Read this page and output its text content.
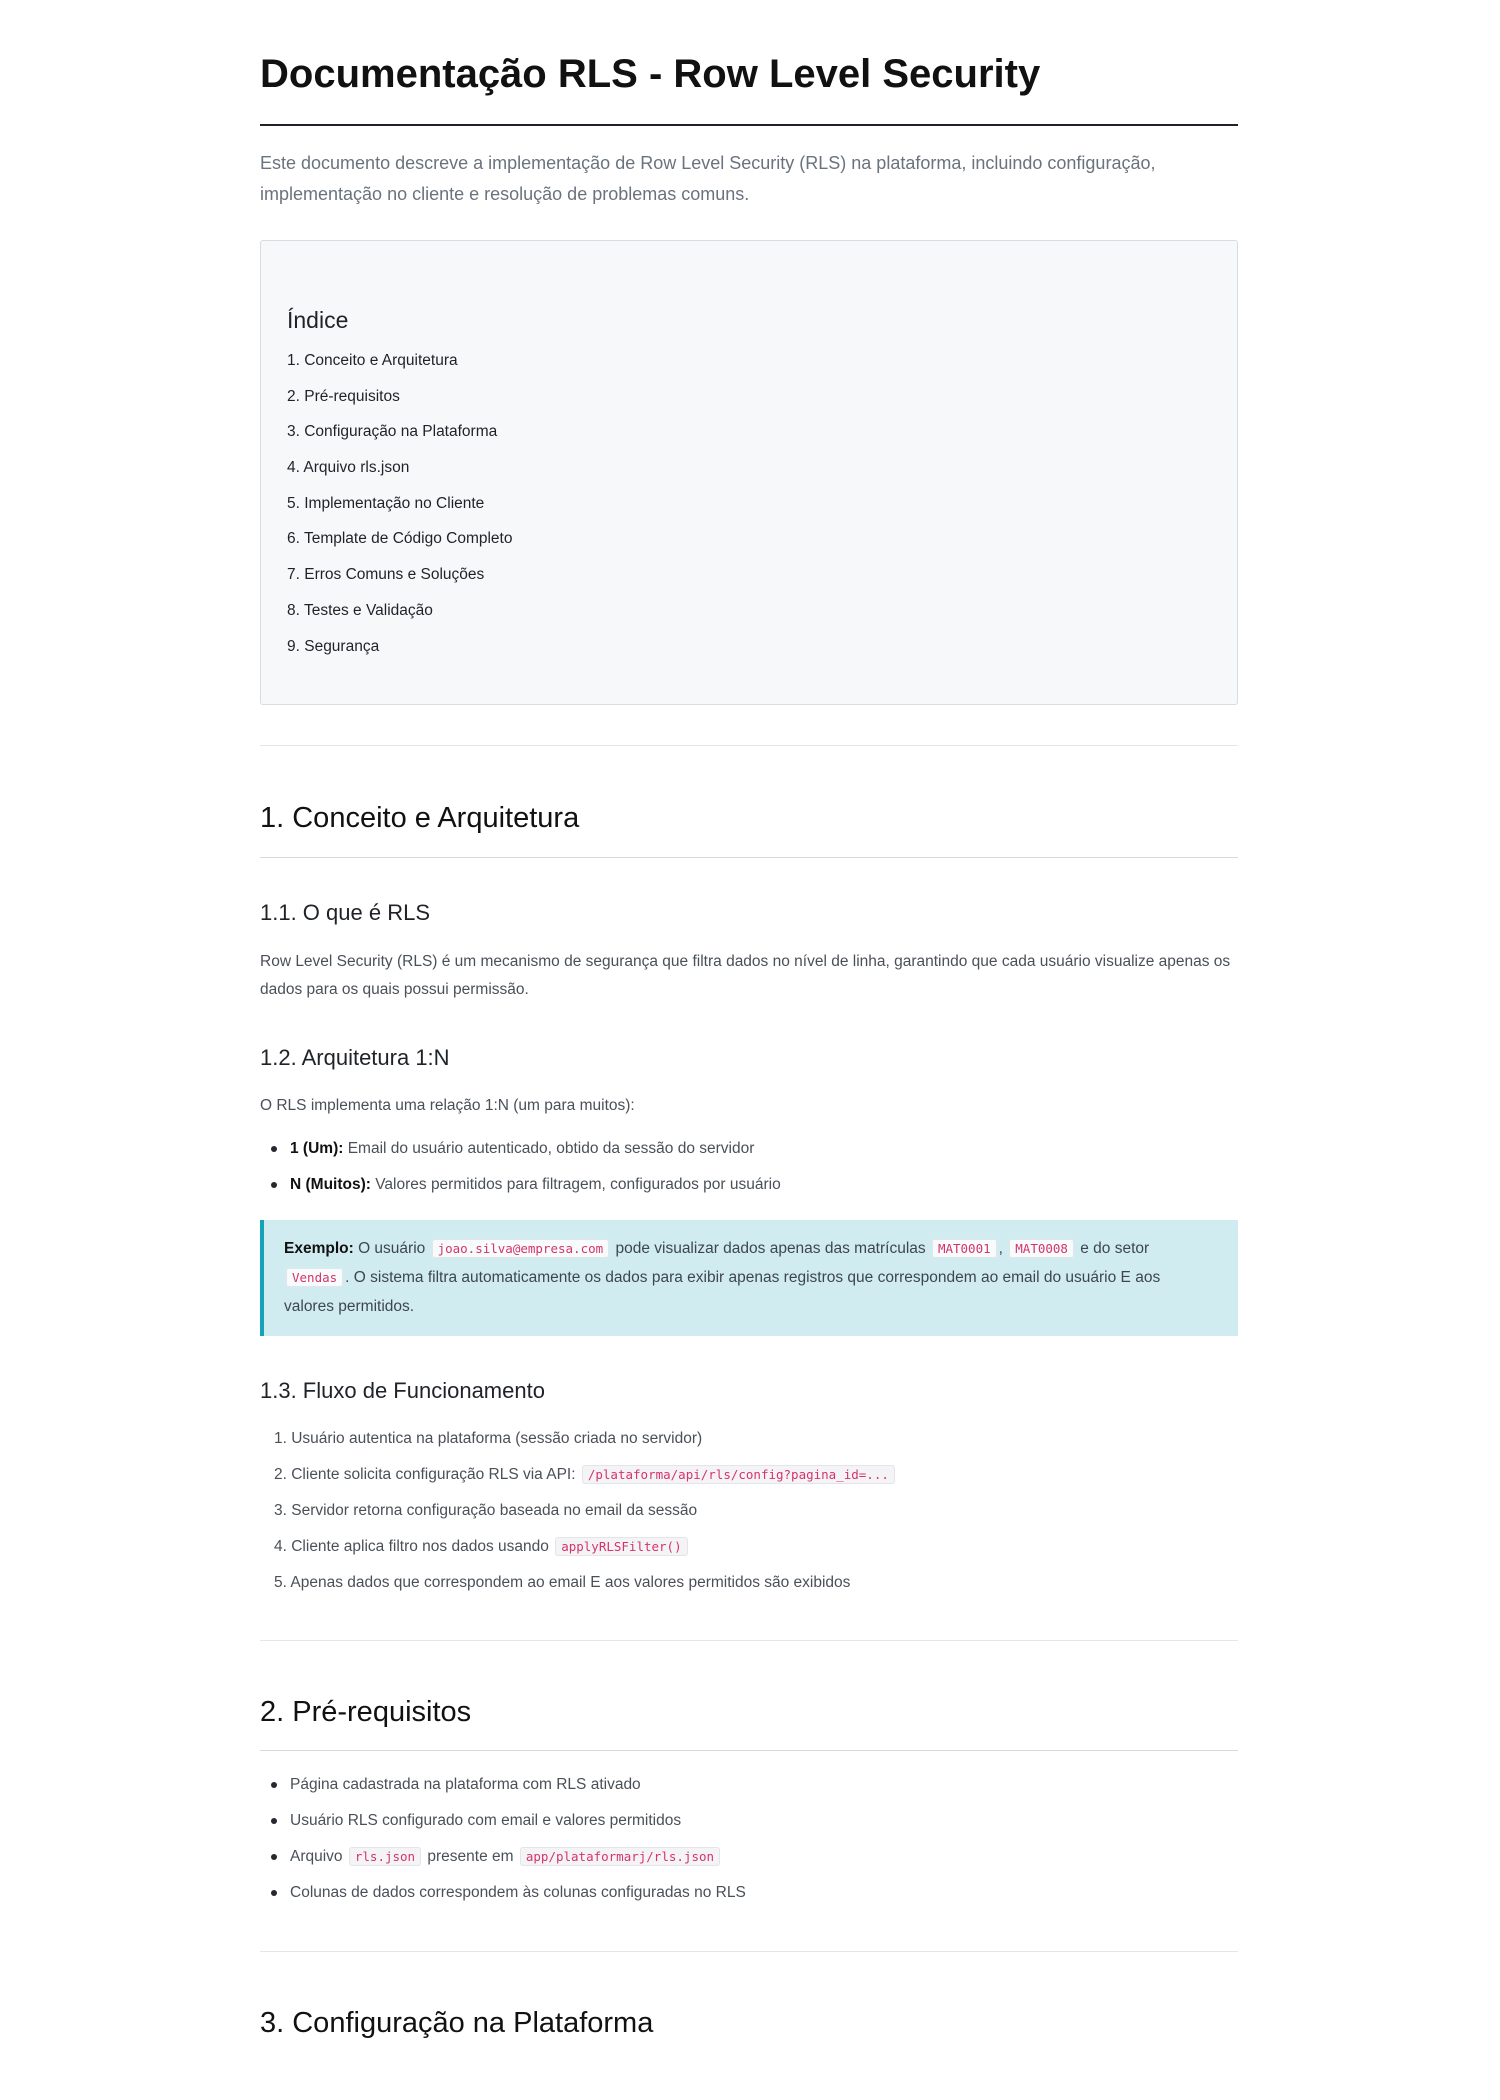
Documentação RLS - Row Level Security

Este documento descreve a implementação de Row Level Security (RLS) na plataforma, incluindo configuração, implementação no cliente e resolução de problemas comuns.

Índice
1. Conceito e Arquitetura
2. Pré-requisitos
3. Configuração na Plataforma
4. Arquivo rls.json
5. Implementação no Cliente
6. Template de Código Completo
7. Erros Comuns e Soluções
8. Testes e Validação
9. Segurança
1. Conceito e Arquitetura
1.1. O que é RLS

Row Level Security (RLS) é um mecanismo de segurança que filtra dados no nível de linha, garantindo que cada usuário visualize apenas os dados para os quais possui permissão.

1.2. Arquitetura 1:N

O RLS implementa uma relação 1:N (um para muitos):

1 (Um): Email do usuário autenticado, obtido da sessão do servidor
N (Muitos): Valores permitidos para filtragem, configurados por usuário

Exemplo: O usuário joao.silva@empresa.com pode visualizar dados apenas das matrículas MAT0001 , MAT0008 e do setor Vendas . O sistema filtra automaticamente os dados para exibir apenas registros que correspondem ao email do usuário E aos valores permitidos.

1.3. Fluxo de Funcionamento
1. Usuário autentica na plataforma (sessão criada no servidor)
2. Cliente solicita configuração RLS via API: /plataforma/api/rls/config?pagina_id=...
3. Servidor retorna configuração baseada no email da sessão
4. Cliente aplica filtro nos dados usando applyRLSFilter()
5. Apenas dados que correspondem ao email E aos valores permitidos são exibidos
2. Pré-requisitos
Página cadastrada na plataforma com RLS ativado
Usuário RLS configurado com email e valores permitidos
Arquivo rls.json presente em app/plataformarj/rls.json
Colunas de dados correspondem às colunas configuradas no RLS
3. Configuração na Plataforma
